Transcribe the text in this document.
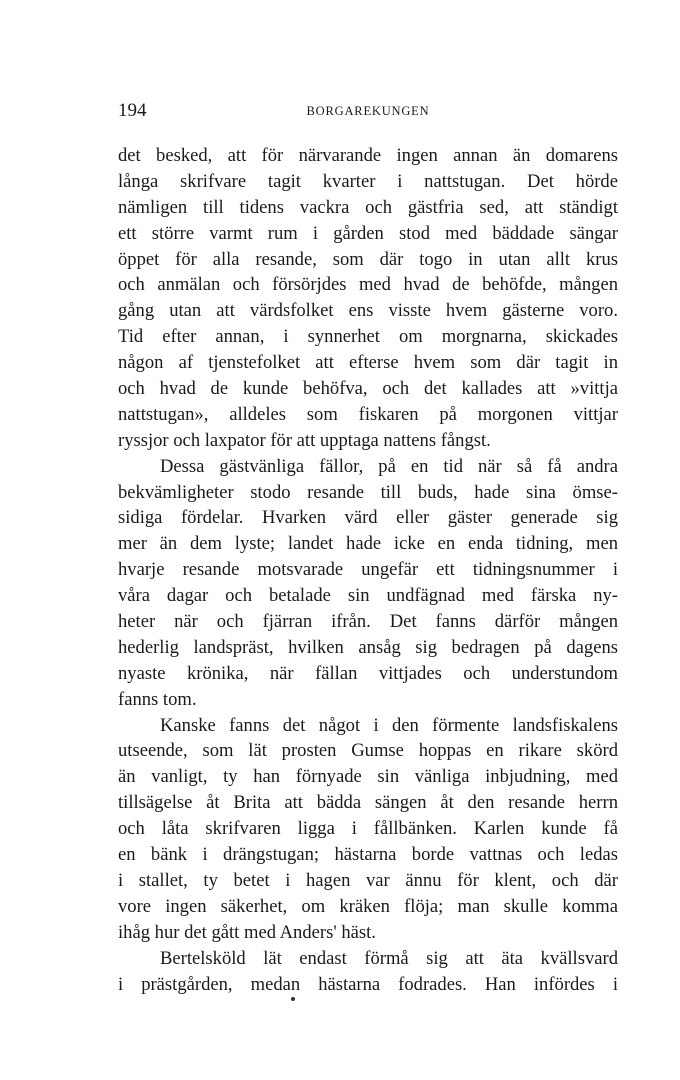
194	BORGAREKUNGEN
det besked, att för närvarande ingen annan än domarens
långa skrifvare tagit kvarter i nattstugan. Det hörde
nämligen till tidens vackra och gästfria sed, att ständigt
ett större varmt rum i gården stod med bäddade sängar
öppet för alla resande, som där togo in utan allt krus
och anmälan och försörjdes med hvad de behöfde, mången
gång utan att värdsfolket ens visste hvem gästerne voro.
Tid efter annan, i synnerhet om morgnarna, skickades
någon af tjenstefolket att efterse hvem som där tagit in
och hvad de kunde behöfva, och det kallades att »vittja
nattstugan», alldeles som fiskaren på morgonen vittjar
ryssjor och laxpator för att upptaga nattens fångst.
Dessa gästvänliga fällor, på en tid när så få andra
bekvämligheter stodo resande till buds, hade sina ömse-
sidiga fördelar. Hvarken värd eller gäster generade sig
mer än dem lyste; landet hade icke en enda tidning, men
hvarje resande motsvarade ungefär ett tidningsnummer i
våra dagar och betalade sin undfägnad med färska ny-
heter när och fjärran ifrån. Det fanns därför mången
hederlig landspräst, hvilken ansåg sig bedragen på dagens
nyaste krönika, när fällan vittjades och understundom
fanns tom.
Kanske fanns det något i den förmente landsfiskalens
utseende, som lät prosten Gumse hoppas en rikare skörd
än vanligt, ty han förnyade sin vänliga inbjudning, med
tillsägelse åt Brita att bädda sängen åt den resande herrn
och låta skrifvaren ligga i fållbänken. Karlen kunde få
en bänk i drängstugan; hästarna borde vattnas och ledas
i stallet, ty betet i hagen var ännu för klent, och där
vore ingen säkerhet, om kräken flöja; man skulle komma
ihåg hur det gått med Anders' häst.
Bertelsköld lät endast förmå sig att äta kvällsvard
i prästgården, medan hästarna fodrades. Han infördes i
